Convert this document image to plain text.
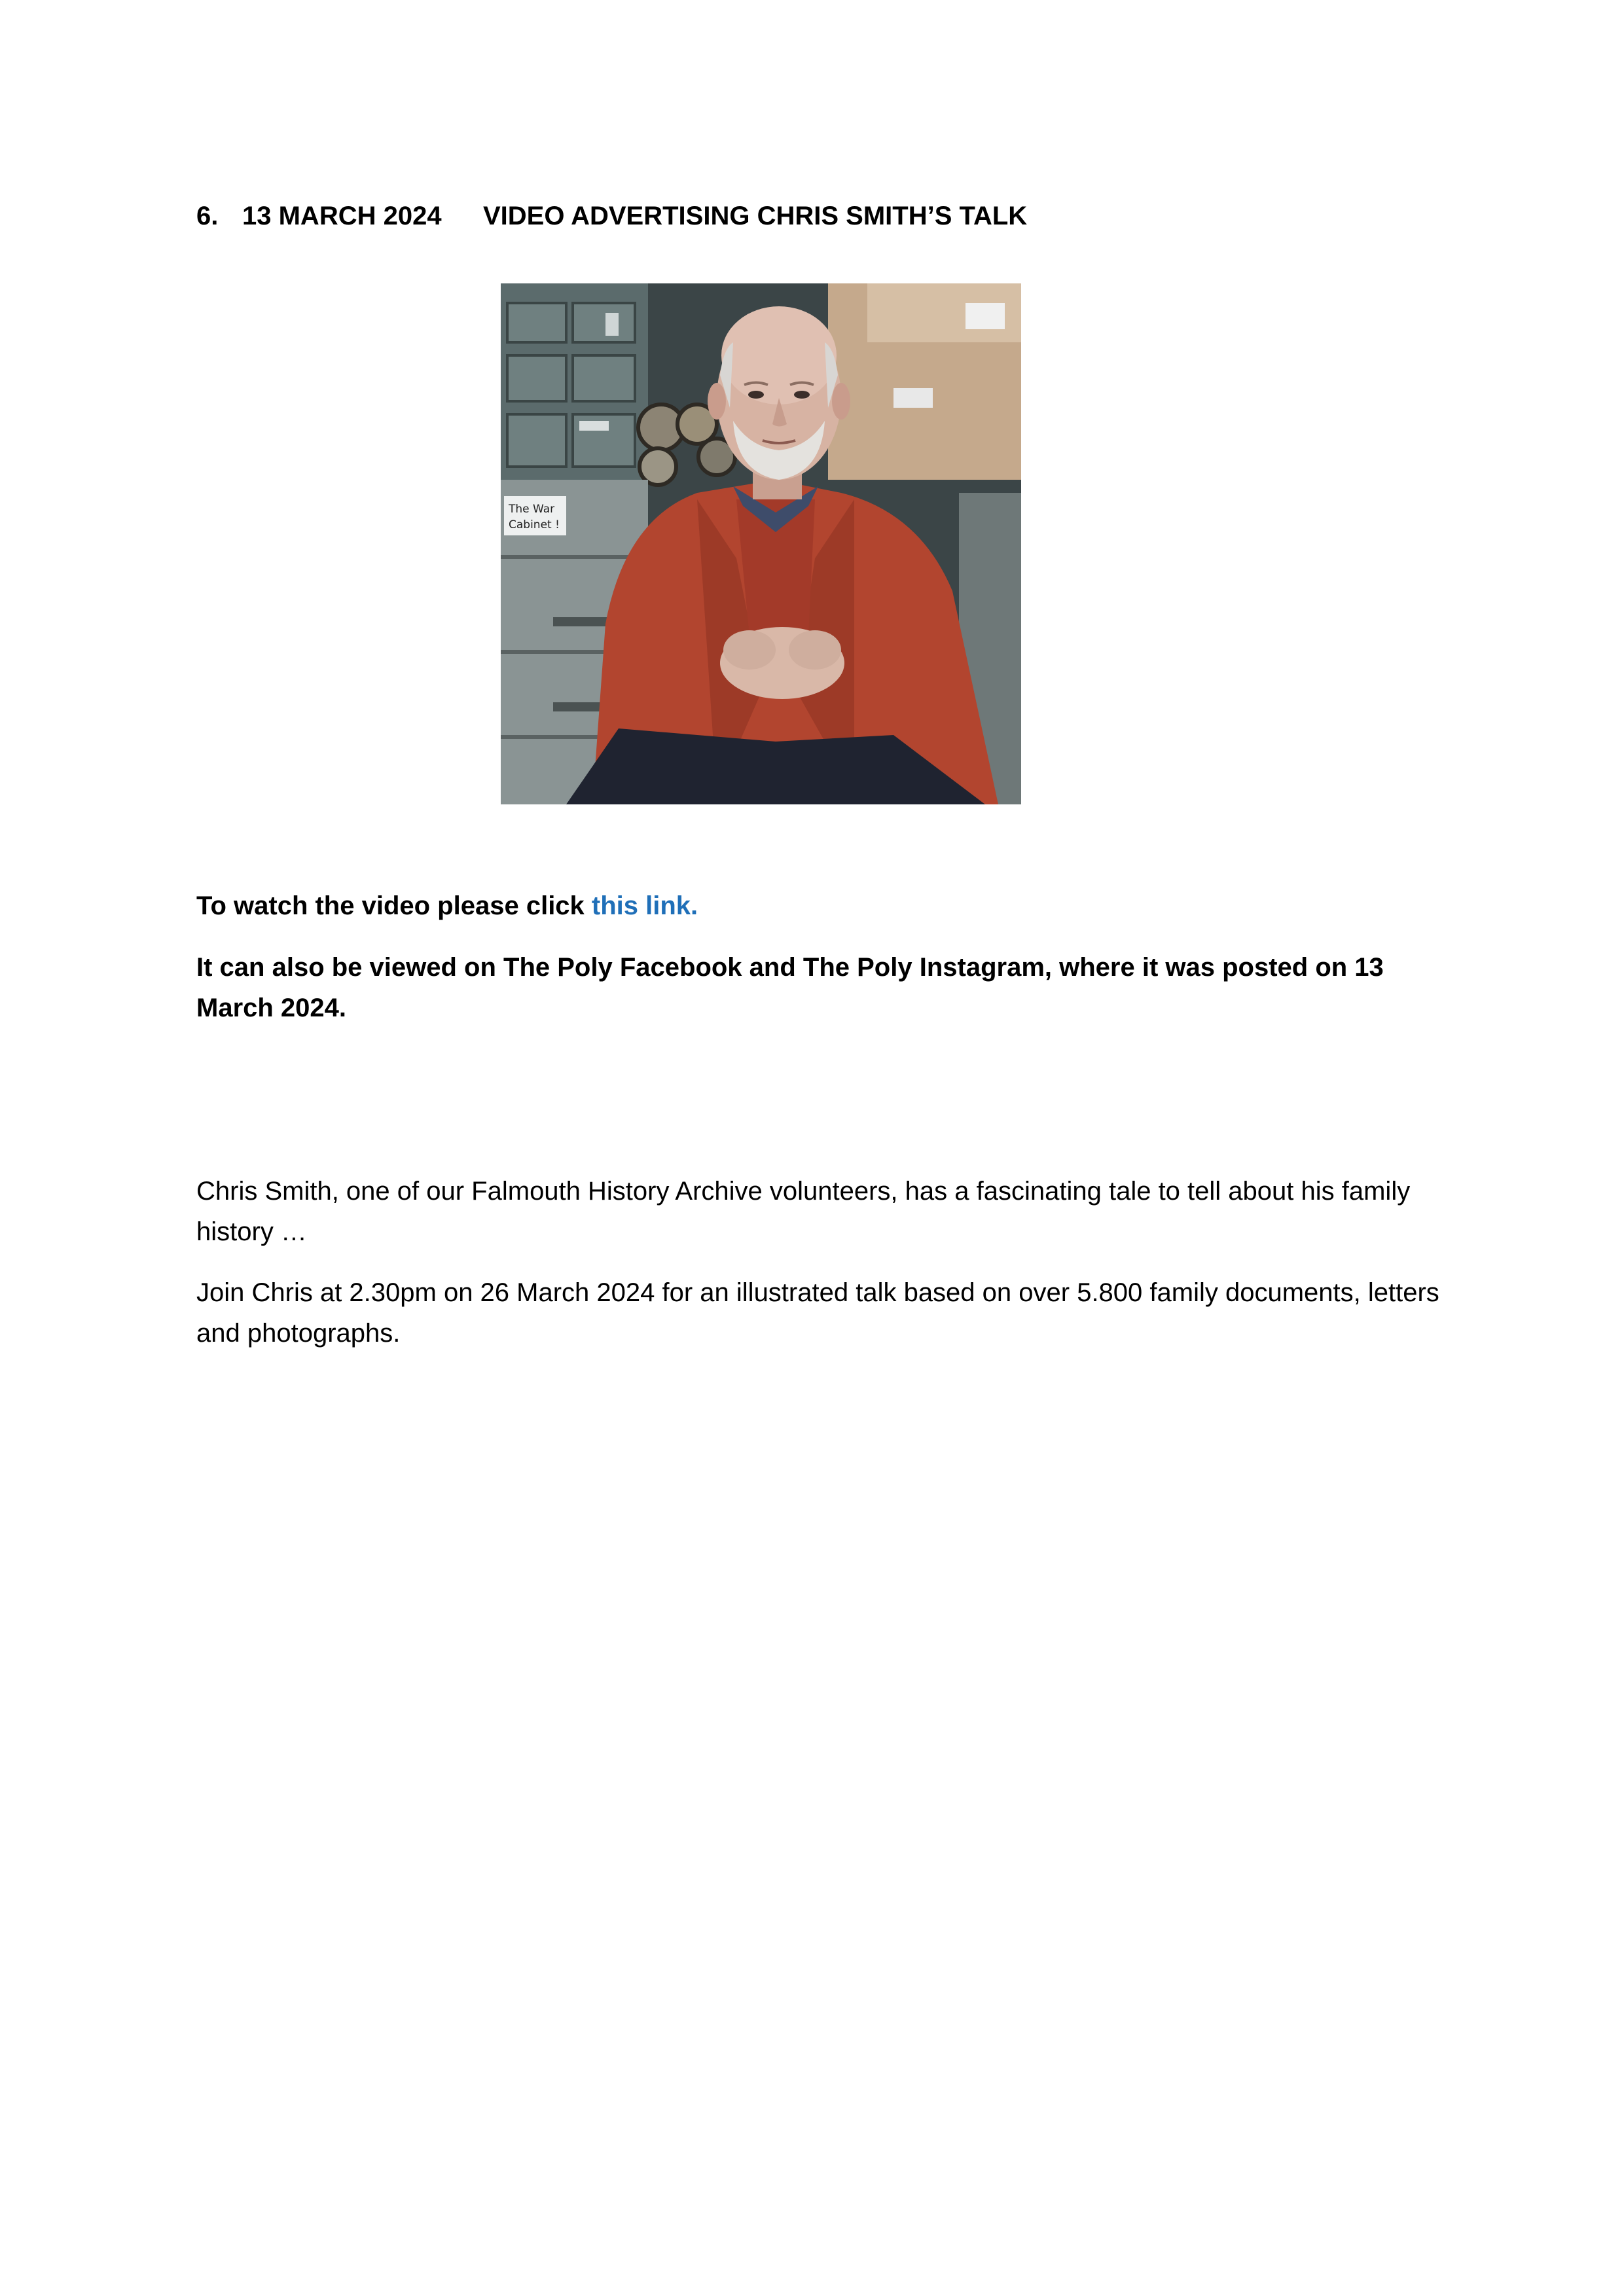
6. 13 MARCH 2024 VIDEO ADVERTISING CHRIS SMITH’S TALK
The War
Cabinet !
To watch the video please click this link.
It can also be viewed on The Poly Facebook and The Poly Instagram, where it was posted on 13 March 2024.
Chris Smith, one of our Falmouth History Archive volunteers, has a fascinating tale to tell about his family history …
Join Chris at 2.30pm on 26 March 2024 for an illustrated talk based on over 5.800 family documents, letters and photographs.
